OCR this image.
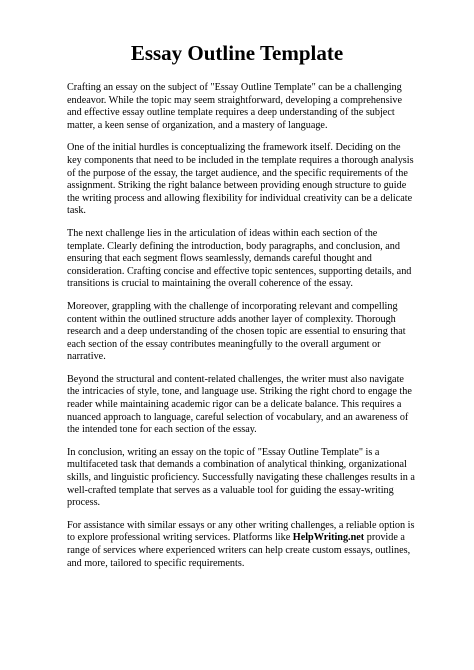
Essay Outline Template

Crafting an essay on the subject of "Essay Outline Template" can be a challenging endeavor. While the topic may seem straightforward, developing a comprehensive and effective essay outline template requires a deep understanding of the subject matter, a keen sense of organization, and a mastery of language.

One of the initial hurdles is conceptualizing the framework itself. Deciding on the key components that need to be included in the template requires a thorough analysis of the purpose of the essay, the target audience, and the specific requirements of the assignment. Striking the right balance between providing enough structure to guide the writing process and allowing flexibility for individual creativity can be a delicate task.

The next challenge lies in the articulation of ideas within each section of the template. Clearly defining the introduction, body paragraphs, and conclusion, and ensuring that each segment flows seamlessly, demands careful thought and consideration. Crafting concise and effective topic sentences, supporting details, and transitions is crucial to maintaining the overall coherence of the essay.

Moreover, grappling with the challenge of incorporating relevant and compelling content within the outlined structure adds another layer of complexity. Thorough research and a deep understanding of the chosen topic are essential to ensuring that each section of the essay contributes meaningfully to the overall argument or narrative.

Beyond the structural and content-related challenges, the writer must also navigate the intricacies of style, tone, and language use. Striking the right chord to engage the reader while maintaining academic rigor can be a delicate balance. This requires a nuanced approach to language, careful selection of vocabulary, and an awareness of the intended tone for each section of the essay.

In conclusion, writing an essay on the topic of "Essay Outline Template" is a multifaceted task that demands a combination of analytical thinking, organizational skills, and linguistic proficiency. Successfully navigating these challenges results in a well-crafted template that serves as a valuable tool for guiding the essay-writing process.

For assistance with similar essays or any other writing challenges, a reliable option is to explore professional writing services. Platforms like HelpWriting.net provide a range of services where experienced writers can help create custom essays, outlines, and more, tailored to specific requirements.
